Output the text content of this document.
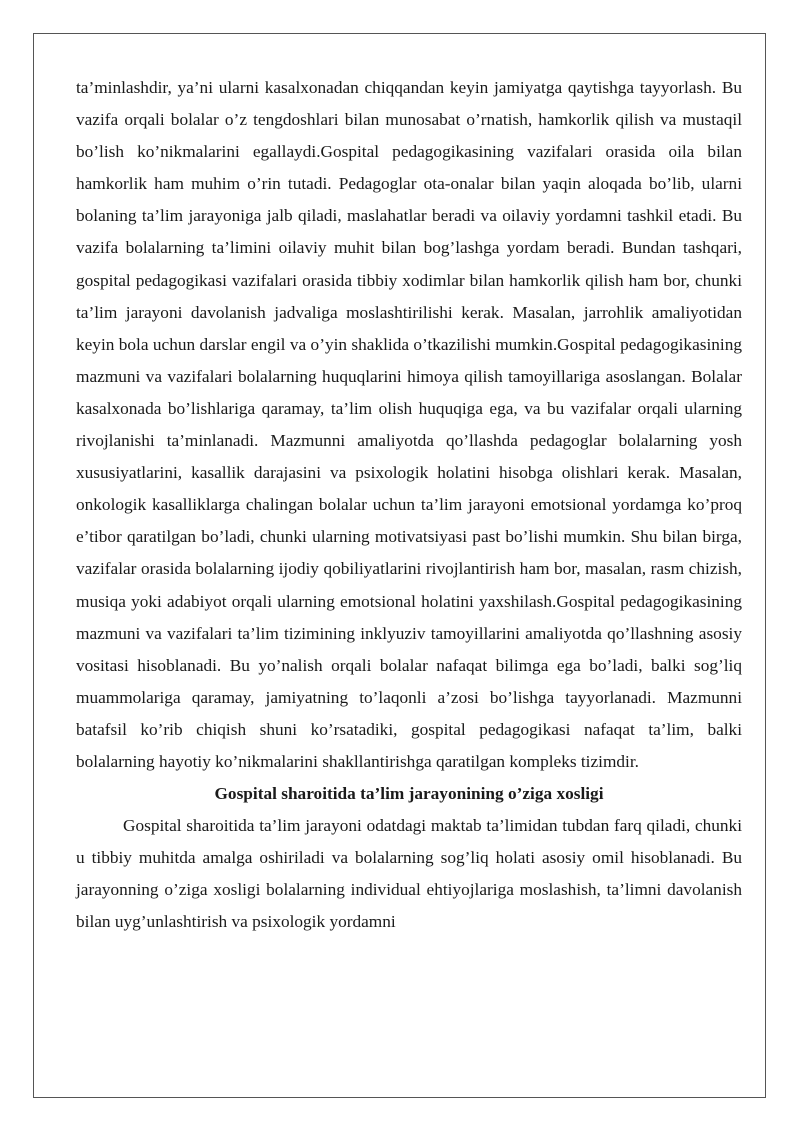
ta’minlashdir, ya’ni ularni kasalxonadan chiqqandan keyin jamiyatga qaytishga tayyorlash. Bu vazifa orqali bolalar o’z tengdoshlari bilan munosabat o’rnatish, hamkorlik qilish va mustaqil bo’lish ko’nikmalarini egallaydi.Gospital pedagogikasining vazifalari orasida oila bilan hamkorlik ham muhim o’rin tutadi. Pedagoglar ota-onalar bilan yaqin aloqada bo’lib, ularni bolaning ta’lim jarayoniga jalb qiladi, maslahatlar beradi va oilaviy yordamni tashkil etadi. Bu vazifa bolalarning ta’limini oilaviy muhit bilan bog’lashga yordam beradi. Bundan tashqari, gospital pedagogikasi vazifalari orasida tibbiy xodimlar bilan hamkorlik qilish ham bor, chunki ta’lim jarayoni davolanish jadvaliga moslashtirilishi kerak. Masalan, jarrohlik amaliyotidan keyin bola uchun darslar engil va o’yin shaklida o’tkazilishi mumkin.Gospital pedagogikasining mazmuni va vazifalari bolalarning huquqlarini himoya qilish tamoyillariga asoslangan. Bolalar kasalxonada bo’lishlariga qaramay, ta’lim olish huquqiga ega, va bu vazifalar orqali ularning rivojlanishi ta’minlanadi. Mazmunni amaliyotda qo’llashda pedagoglar bolalarning yosh xususiyatlarini, kasallik darajasini va psixologik holatini hisobga olishlari kerak. Masalan, onkologik kasalliklarga chalingan bolalar uchun ta’lim jarayoni emotsional yordamga ko’proq e’tibor qaratilgan bo’ladi, chunki ularning motivatsiyasi past bo’lishi mumkin. Shu bilan birga, vazifalar orasida bolalarning ijodiy qobiliyatlarini rivojlantirish ham bor, masalan, rasm chizish, musiqa yoki adabiyot orqali ularning emotsional holatini yaxshilash.Gospital pedagogikasining mazmuni va vazifalari ta’lim tizimining inklyuziv tamoyillarini amaliyotda qo’llashning asosiy vositasi hisoblanadi. Bu yo’nalish orqali bolalar nafaqat bilimga ega bo’ladi, balki sog’liq muammolariga qaramay, jamiyatning to’laqonli a’zosi bo’lishga tayyorlanadi. Mazmunni batafsil ko’rib chiqish shuni ko’rsatadiki, gospital pedagogikasi nafaqat ta’lim, balki bolalarning hayotiy ko’nikmalarini shakllantirishga qaratilgan kompleks tizimdir.

Gospital sharoitida ta’lim jarayonining o’ziga xosligi

Gospital sharoitida ta’lim jarayoni odatdagi maktab ta’limidan tubdan farq qiladi, chunki u tibbiy muhitda amalga oshiriladi va bolalarning sog’liq holati asosiy omil hisoblanadi. Bu jarayonning o’ziga xosligi bolalarning individual ehtiyojlariga moslashish, ta’limni davolanish bilan uyg’unlashtirish va psixologik yordamni
